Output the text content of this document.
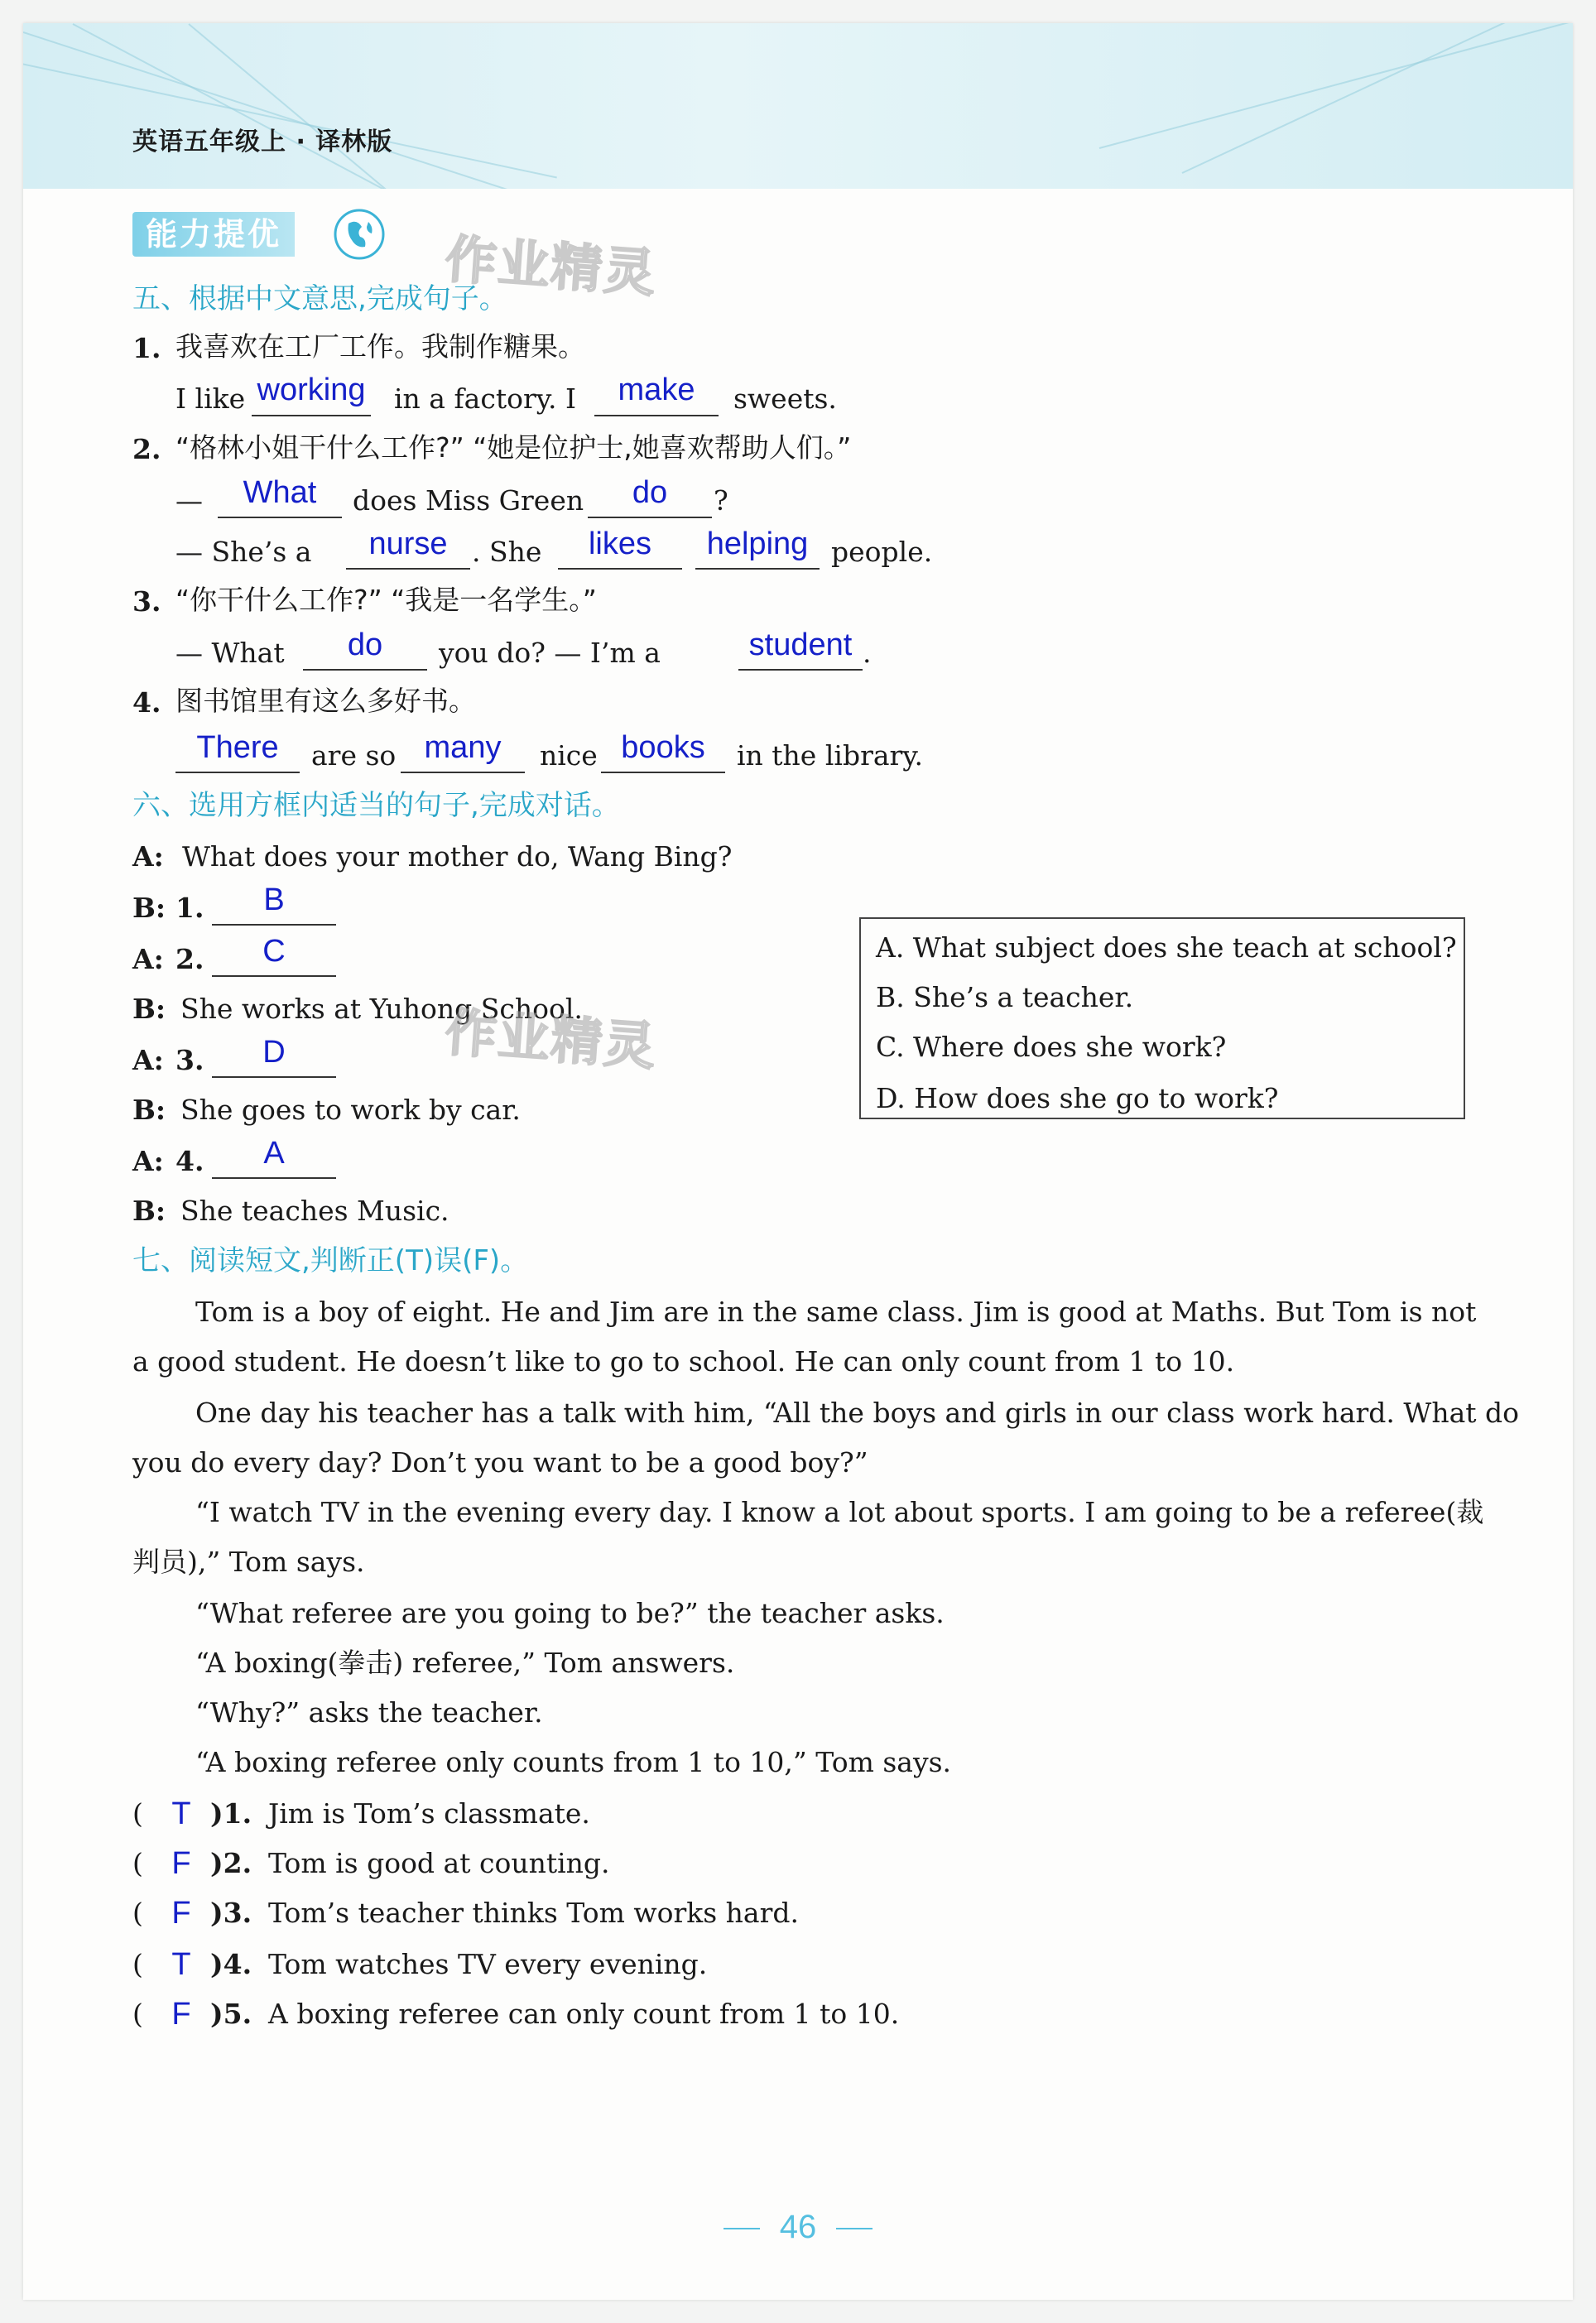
英语五年级上 · 译林版
能力提优	作业精灵
五、根据中文意思,完成句子。
1. 我喜欢在工厂工作。我制作糖果。
I like working in a factory. I	make	sweets.
2. “格林小姐干什么工作?” “她是位护士,她喜欢帮助人们。”
—	What	does Miss Green	do	?
— She’s a	nurse . She	likes	helping people.
3. “你干什么工作?” “我是一名学生。”
— What	do	you do? — I’m a	student .
4. 图书馆里有这么多好书。
There	are so many	nice books	in the library.
六、选用方框内适当的句子,完成对话。
A: What does your mother do, Wang Bing?
B: 1.	B
A: 2.	C
B: She works at Yuhong School.
作业精灵
A: 3.	D
B: She goes to work by car.
A: 4.	A
B: She teaches Music.
A. What subject does she teach at school?
B. She’s a teacher.
C. Where does she work?
D. How does she go to work?
七、阅读短文,判断正(T)误(F)。
Tom is a boy of eight. He and Jim are in the same class. Jim is good at Maths. But Tom is not
a good student. He doesn’t like to go to school. He can only count from 1 to 10.
One day his teacher has a talk with him, “All the boys and girls in our class work hard. What do
you do every day? Don’t you want to be a good boy?”
“I watch TV in the evening every day. I know a lot about sports. I am going to be a referee(裁
判员),” Tom says.
“What referee are you going to be?” the teacher asks.
“A boxing(拳击) referee,” Tom answers.
“Why?” asks the teacher.
“A boxing referee only counts from 1 to 10,” Tom says.
( T )1. Jim is Tom’s classmate.
( F )2. Tom is good at counting.
( F )3. Tom’s teacher thinks Tom works hard.
( T )4. Tom watches TV every evening.
( F )5. A boxing referee can only count from 1 to 10.
46
